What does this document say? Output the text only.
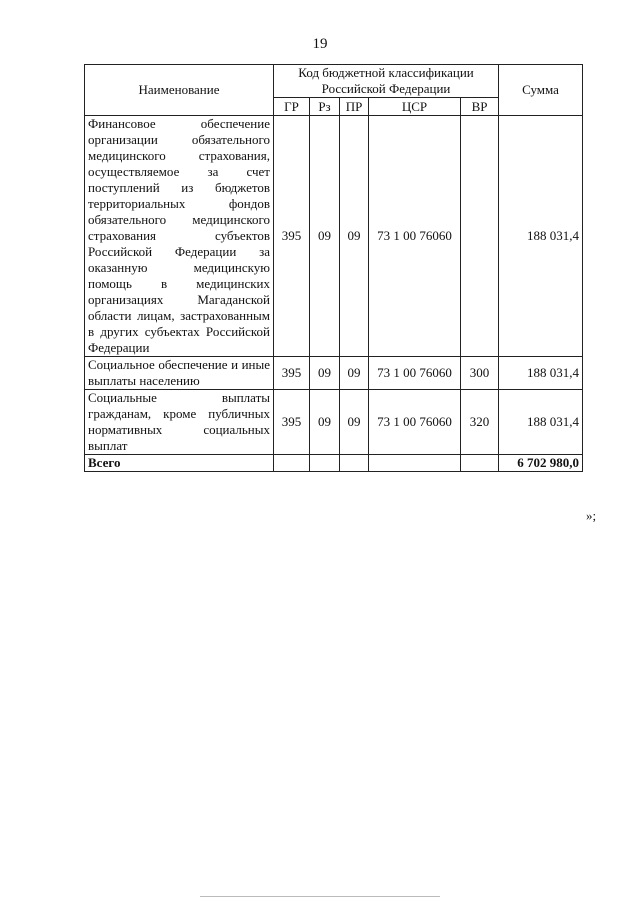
19
Наименование	Код бюджетной классификации Российской Федерации					Сумма
	ГР	Рз	ПР	ЦСР	ВР	
Финансовое обеспечение организации обязательного медицинского страхования, осуществляемое за счет поступлений из бюджетов территориальных фондов обязательного медицинского страхования субъектов Российской Федерации за оказанную медицинскую помощь в медицинских организациях Магаданской области лицам, застрахованным в других субъектах Российской Федерации	395	09	09	73 1 00 76060		188 031,4
Социальное обеспечение и иные выплаты населению	395	09	09	73 1 00 76060	300	188 031,4
Социальные выплаты гражданам, кроме публичных нормативных социальных выплат	395	09	09	73 1 00 76060	320	188 031,4
Всего						6 702 980,0
»;
